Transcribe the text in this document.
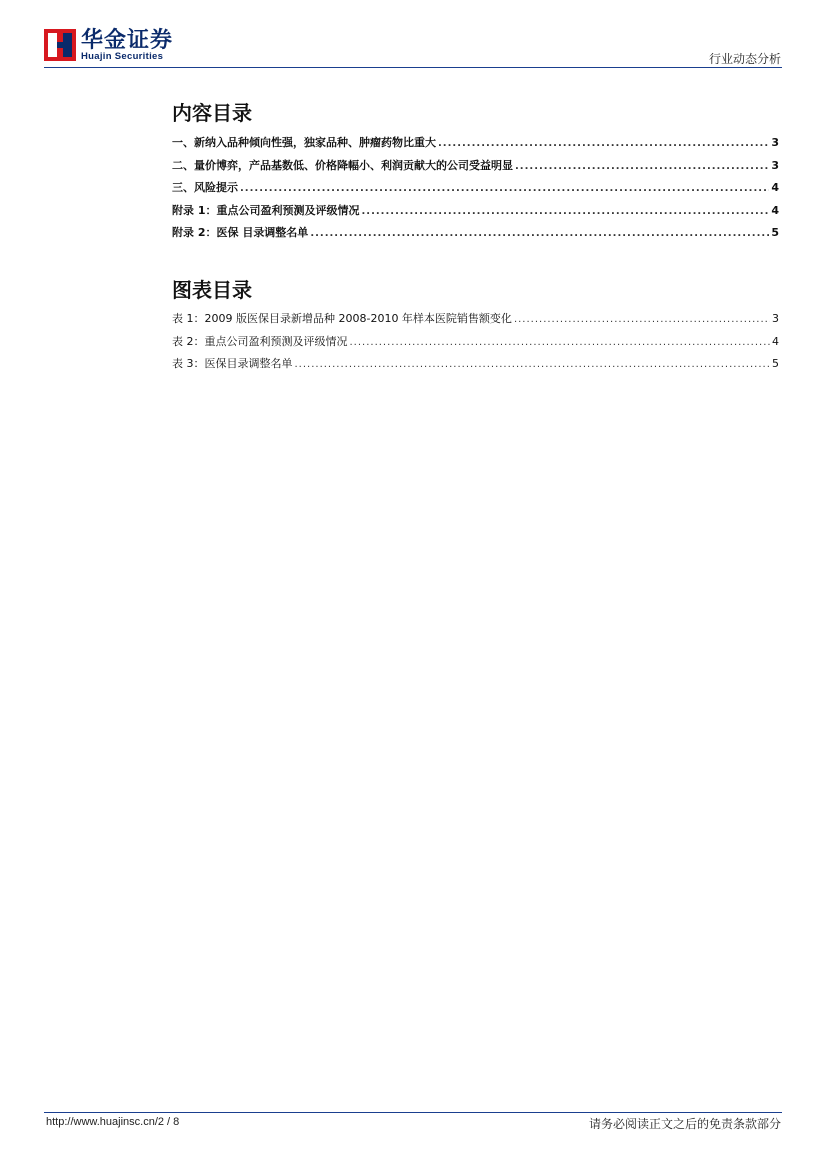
华金证券
Huajin Securities	行业动态分析
内容目录
一、新纳入品种倾向性强，独家品种、肿瘤药物比重大 .....	3
二、量价博弈，产品基数低、价格降幅小、利润贡献大的公司受益明显 .....	3
三、风险提示 .....	4
附录 1：重点公司盈利预测及评级情况 .....	4
附录 2：医保 目录调整名单 .....	5
图表目录
表 1：2009 版医保目录新增品种 2008-2010 年样本医院销售额变化 .....	3
表 2：重点公司盈利预测及评级情况 .....	4
表 3：医保目录调整名单 .....	5
http://www.huajinsc.cn/2 / 8	请务必阅读正文之后的免责条款部分
